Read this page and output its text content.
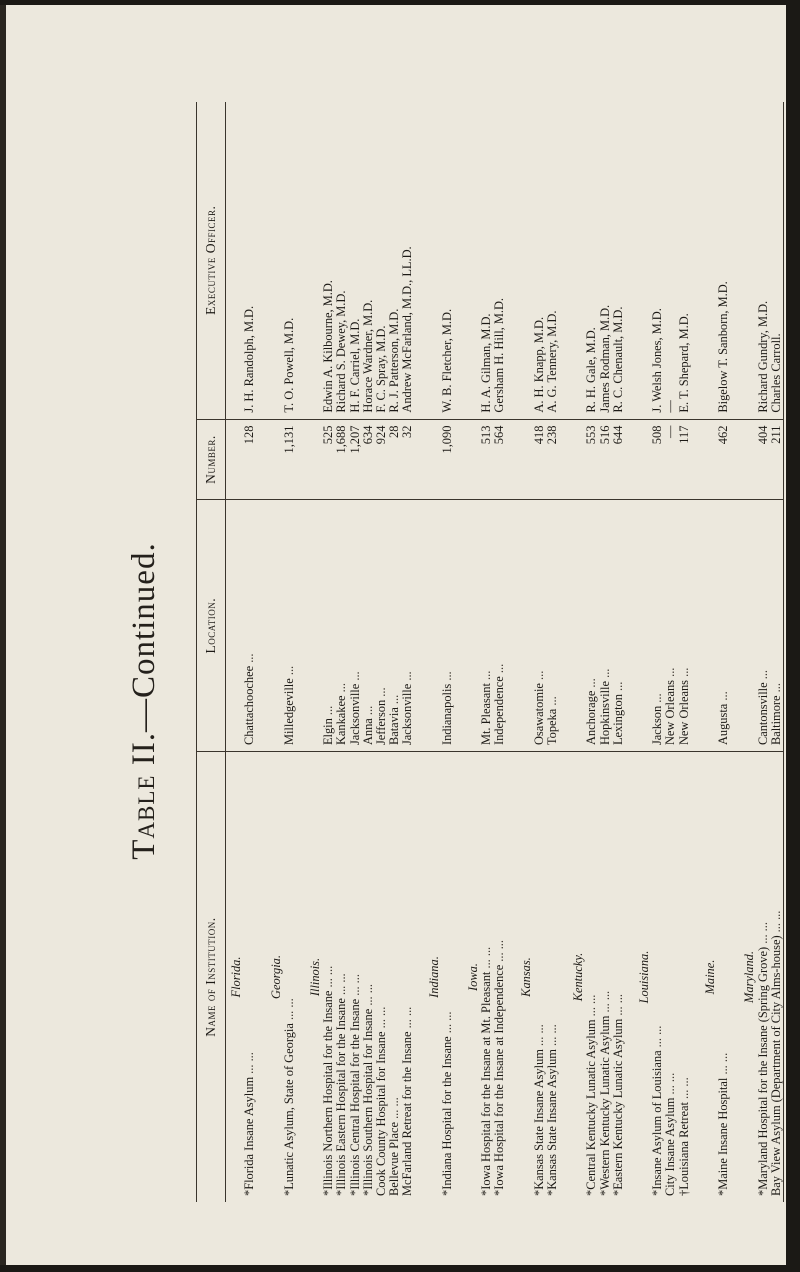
Table II.—Continued.
Name of Institution.	Location.	Number.	Executive Officer.
Florida.			
*Florida Insane Asylum ... ...	Chattachoochee ...	128	J. H. Randolph, M.D.

Georgia.			
*Lunatic Asylum, State of Georgia ... ...	Milledgeville ...	1,131	T. O. Powell, M.D.

Illinois.			
*Illinois Northern Hospital for the Insane ... ...	Elgin ...	525	Edwin A. Kilbourne, M.D.
*Illinois Eastern Hospital for the Insane ... ...	Kankakee ...	1,688	Richard S. Dewey, M.D.
*Illinois Central Hospital for the Insane ... ...	Jacksonville ...	1,207	H. F. Carriel, M.D.
*Illinois Southern Hospital for Insane ... ...	Anna ...	634	Horace Wardner, M.D.
Cook County Hospital for Insane ... ...	Jefferson ...	924	F. C. Spray, M.D.
Bellevue Place ... ...	Batavia ...	28	R. J. Patterson, M.D.
McFarland Retreat for the Insane ... ...	Jacksonville ...	32	Andrew McFarland, M.D., LL.D.

Indiana.			
*Indiana Hospital for the Insane ... ...	Indianapolis ...	1,090	W. B. Fletcher, M.D.

Iowa.			
*Iowa Hospital for the Insane at Mt. Pleasant ... ...	Mt. Pleasant ...	513	H. A. Gilman, M.D.
*Iowa Hospital for the Insane at Independence ... ...	Independence ...	564	Gersham H. Hill, M.D.

Kansas.			
*Kansas State Insane Asylum ... ...	Osawatomie ...	418	A. H. Knapp, M.D.
*Kansas State Insane Asylum ... ...	Topeka ...	238	A. G. Tennery, M.D.

Kentucky.			
*Central Kentucky Lunatic Asylum ... ...	Anchorage ...	553	R. H. Gale, M.D.
*Western Kentucky Lunatic Asylum ... ...	Hopkinsville ...	516	James Rodman, M.D.
*Eastern Kentucky Lunatic Asylum ... ...	Lexington ...	644	R. C. Chenault, M.D.

Louisiana.			
*Insane Asylum of Louisiana ... ...	Jackson ...	508	J. Welsh Jones, M.D.
City Insane Asylum ... ...	New Orleans ...	—	—
†Louisiana Retreat ... ...	New Orleans ...	117	E. T. Shepard, M.D.

Maine.			
*Maine Insane Hospital ... ...	Augusta ...	462	Bigelow T. Sanborn, M.D.

Maryland.			
*Maryland Hospital for the Insane (Spring Grove) ... ...	Cantonsville ...	404	Richard Gundry, M.D.
Bay View Asylum (Department of City Alms-house) ... ...	Baltimore ...	211	Charles Carroll.
